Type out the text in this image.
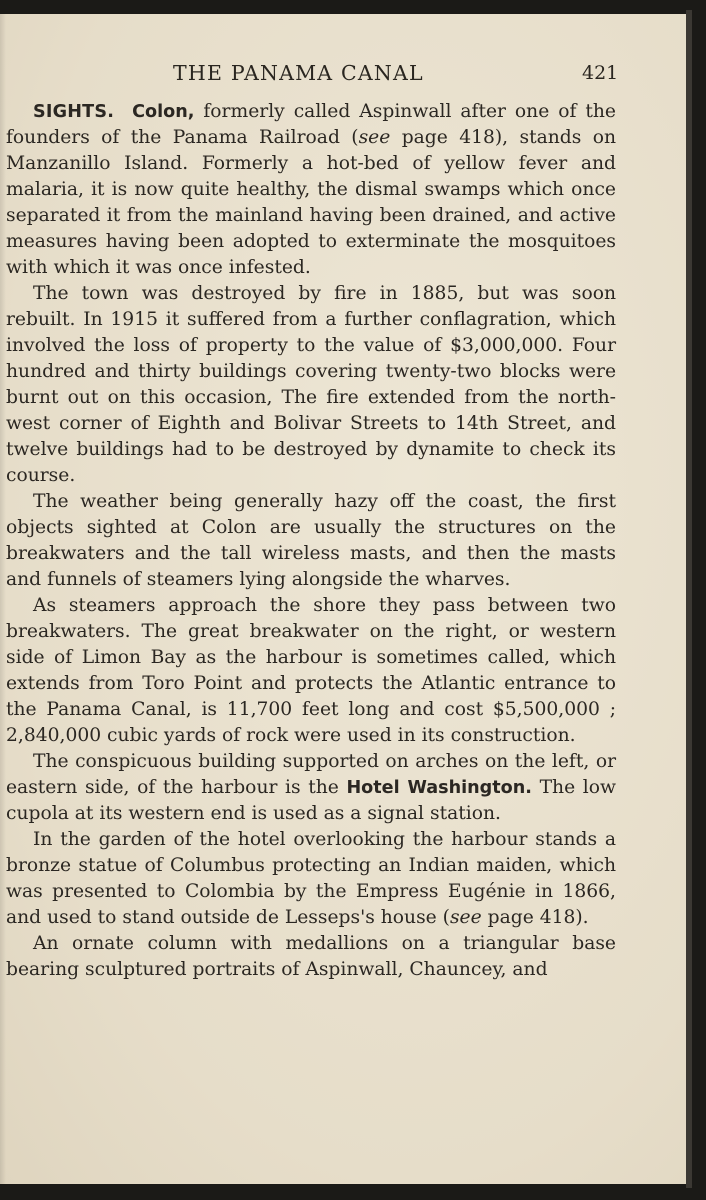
THE PANAMA CANAL	421

SIGHTS. Colon, formerly called Aspinwall after one of the founders of the Panama Railroad (see page 418), stands on Manzanillo Island. Formerly a hot-bed of yellow fever and malaria, it is now quite healthy, the dismal swamps which once separated it from the mainland having been drained, and active measures having been adopted to exterminate the mosquitoes with which it was once infested.

The town was destroyed by fire in 1885, but was soon rebuilt. In 1915 it suffered from a further conflagration, which involved the loss of property to the value of $3,000,000. Four hundred and thirty buildings covering twenty-two blocks were burnt out on this occasion, The fire extended from the north-west corner of Eighth and Bolivar Streets to 14th Street, and twelve buildings had to be destroyed by dynamite to check its course.

The weather being generally hazy off the coast, the first objects sighted at Colon are usually the structures on the breakwaters and the tall wireless masts, and then the masts and funnels of steamers lying alongside the wharves.

As steamers approach the shore they pass between two breakwaters. The great breakwater on the right, or western side of Limon Bay as the harbour is sometimes called, which extends from Toro Point and protects the Atlantic entrance to the Panama Canal, is 11,700 feet long and cost $5,500,000 ; 2,840,000 cubic yards of rock were used in its construction.

The conspicuous building supported on arches on the left, or eastern side, of the harbour is the Hotel Washington. The low cupola at its western end is used as a signal station.

In the garden of the hotel overlooking the harbour stands a bronze statue of Columbus protecting an Indian maiden, which was presented to Colombia by the Empress Eugénie in 1866, and used to stand outside de Lesseps's house (see page 418).

An ornate column with medallions on a triangular base bearing sculptured portraits of Aspinwall, Chauncey, and
